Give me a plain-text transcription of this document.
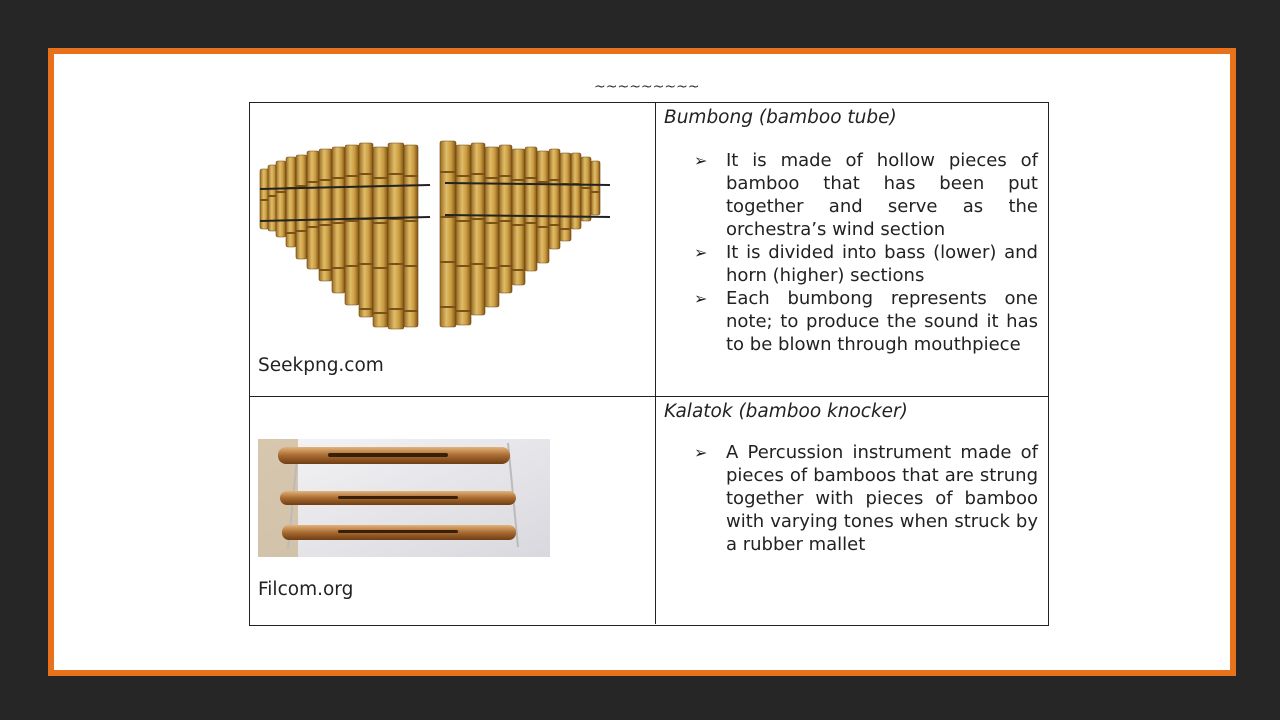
~~~~~~~~~
Seekpng.com
Bumbong (bamboo tube)
➢ It is made of hollow pieces of bamboo that has been put together and serve as the orchestra’s wind section
➢ It is divided into bass (lower) and horn (higher) sections
➢ Each bumbong represents one note; to produce the sound it has to be blown through mouthpiece
Filcom.org
Kalatok (bamboo knocker)
➢ A Percussion instrument made of pieces of bamboos that are strung together with pieces of bamboo with varying tones when struck by a rubber mallet
